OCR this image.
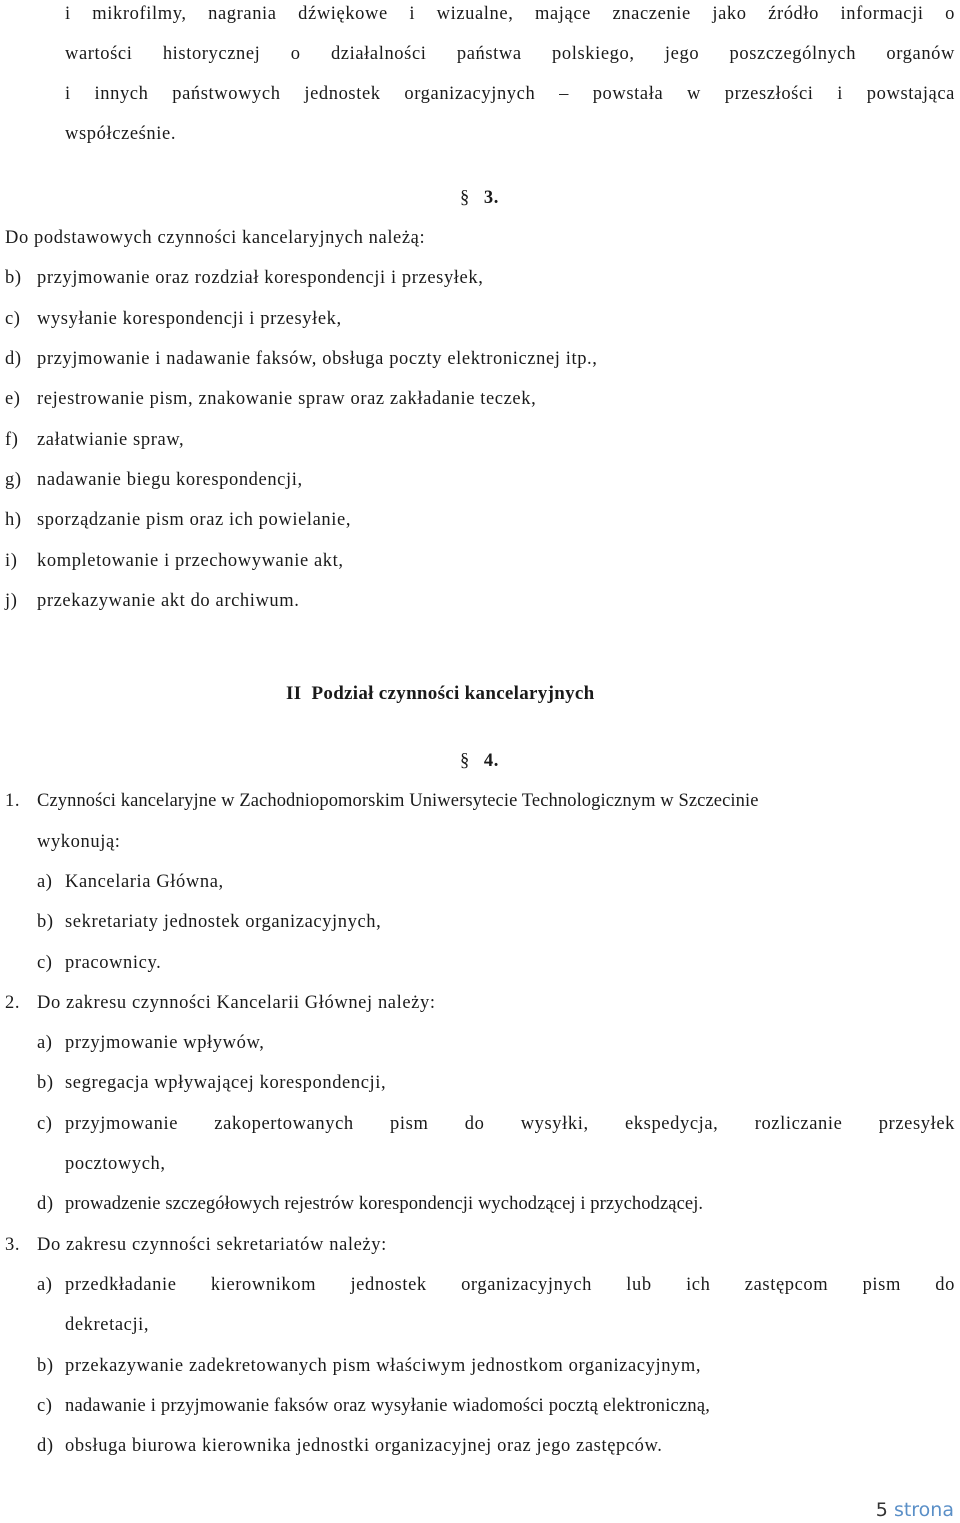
i mikrofilmy, nagrania dźwiękowe i wizualne, mające znaczenie jako źródło informacji o
wartości historycznej o działalności państwa polskiego, jego poszczególnych organów
i innych państwowych jednostek organizacyjnych – powstała w przeszłości i powstająca
współcześnie.
§ 3.
Do podstawowych czynności kancelaryjnych należą:
b) przyjmowanie oraz rozdział korespondencji i przesyłek,
c) wysyłanie korespondencji i przesyłek,
d) przyjmowanie i nadawanie faksów, obsługa poczty elektronicznej itp.,
e) rejestrowanie pism, znakowanie spraw oraz zakładanie teczek,
f) załatwianie spraw,
g) nadawanie biegu korespondencji,
h) sporządzanie pism oraz ich powielanie,
i) kompletowanie i przechowywanie akt,
j) przekazywanie akt do archiwum.
II  Podział czynności kancelaryjnych
§ 4.
1. Czynności kancelaryjne w Zachodniopomorskim Uniwersytecie Technologicznym w Szczecinie
wykonują:
a) Kancelaria Główna,
b) sekretariaty jednostek organizacyjnych,
c) pracownicy.
2. Do zakresu czynności Kancelarii Głównej należy:
a) przyjmowanie wpływów,
b) segregacja wpływającej korespondencji,
c) przyjmowanie zakopertowanych pism do wysyłki, ekspedycja, rozliczanie przesyłek
pocztowych,
d) prowadzenie szczegółowych rejestrów korespondencji wychodzącej i przychodzącej.
3. Do zakresu czynności sekretariatów należy:
a) przedkładanie kierownikom jednostek organizacyjnych lub ich zastępcom pism do
dekretacji,
b) przekazywanie zadekretowanych pism właściwym jednostkom organizacyjnym,
c) nadawanie i przyjmowanie faksów oraz wysyłanie wiadomości pocztą elektroniczną,
d) obsługa biurowa kierownika jednostki organizacyjnej oraz jego zastępców.
5 strona
